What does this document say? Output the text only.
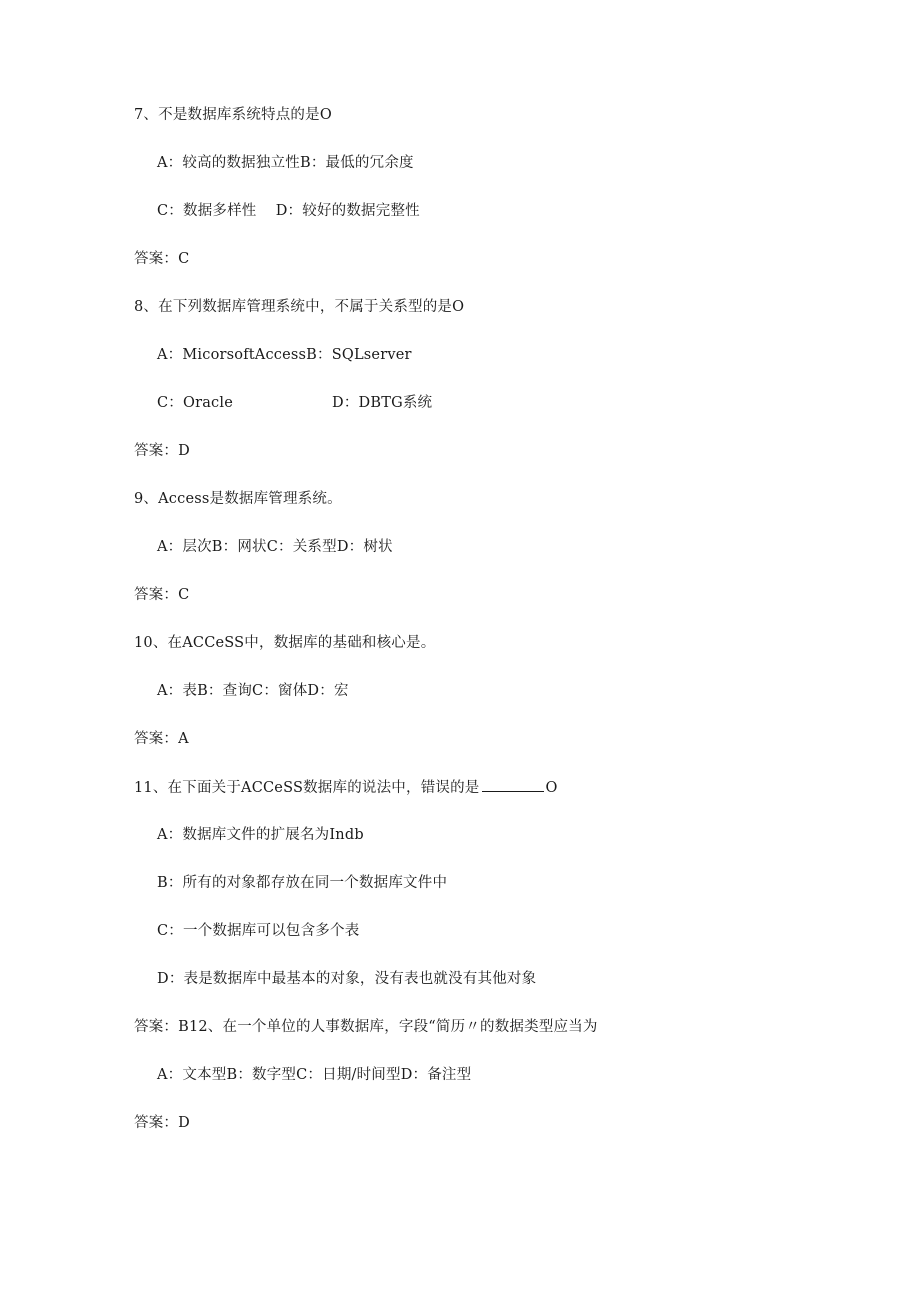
7、不是数据库系统特点的是O
A：较高的数据独立性B：最低的冗余度
C：数据多样性    D：较好的数据完整性
答案：C
8、在下列数据库管理系统中，不属于关系型的是O
A：MicorsoftAccessB：SQLserver
C：Oracle	D：DBTG系统
答案：D
9、Access是数据库管理系统。
A：层次B：网状C：关系型D：树状
答案：C
10、在ACCeSS中，数据库的基础和核心是。
A：表B：查询C：窗体D：宏
答案：A
11、在下面关于ACCeSS数据库的说法中，错误的是	O
A：数据库文件的扩展名为Indb
B：所有的对象都存放在同一个数据库文件中
C：一个数据库可以包含多个表
D：表是数据库中最基本的对象，没有表也就没有其他对象
答案：B12、在一个单位的人事数据库，字段“简历〃的数据类型应当为
A：文本型B：数字型C：日期/时间型D：备注型
答案：D
